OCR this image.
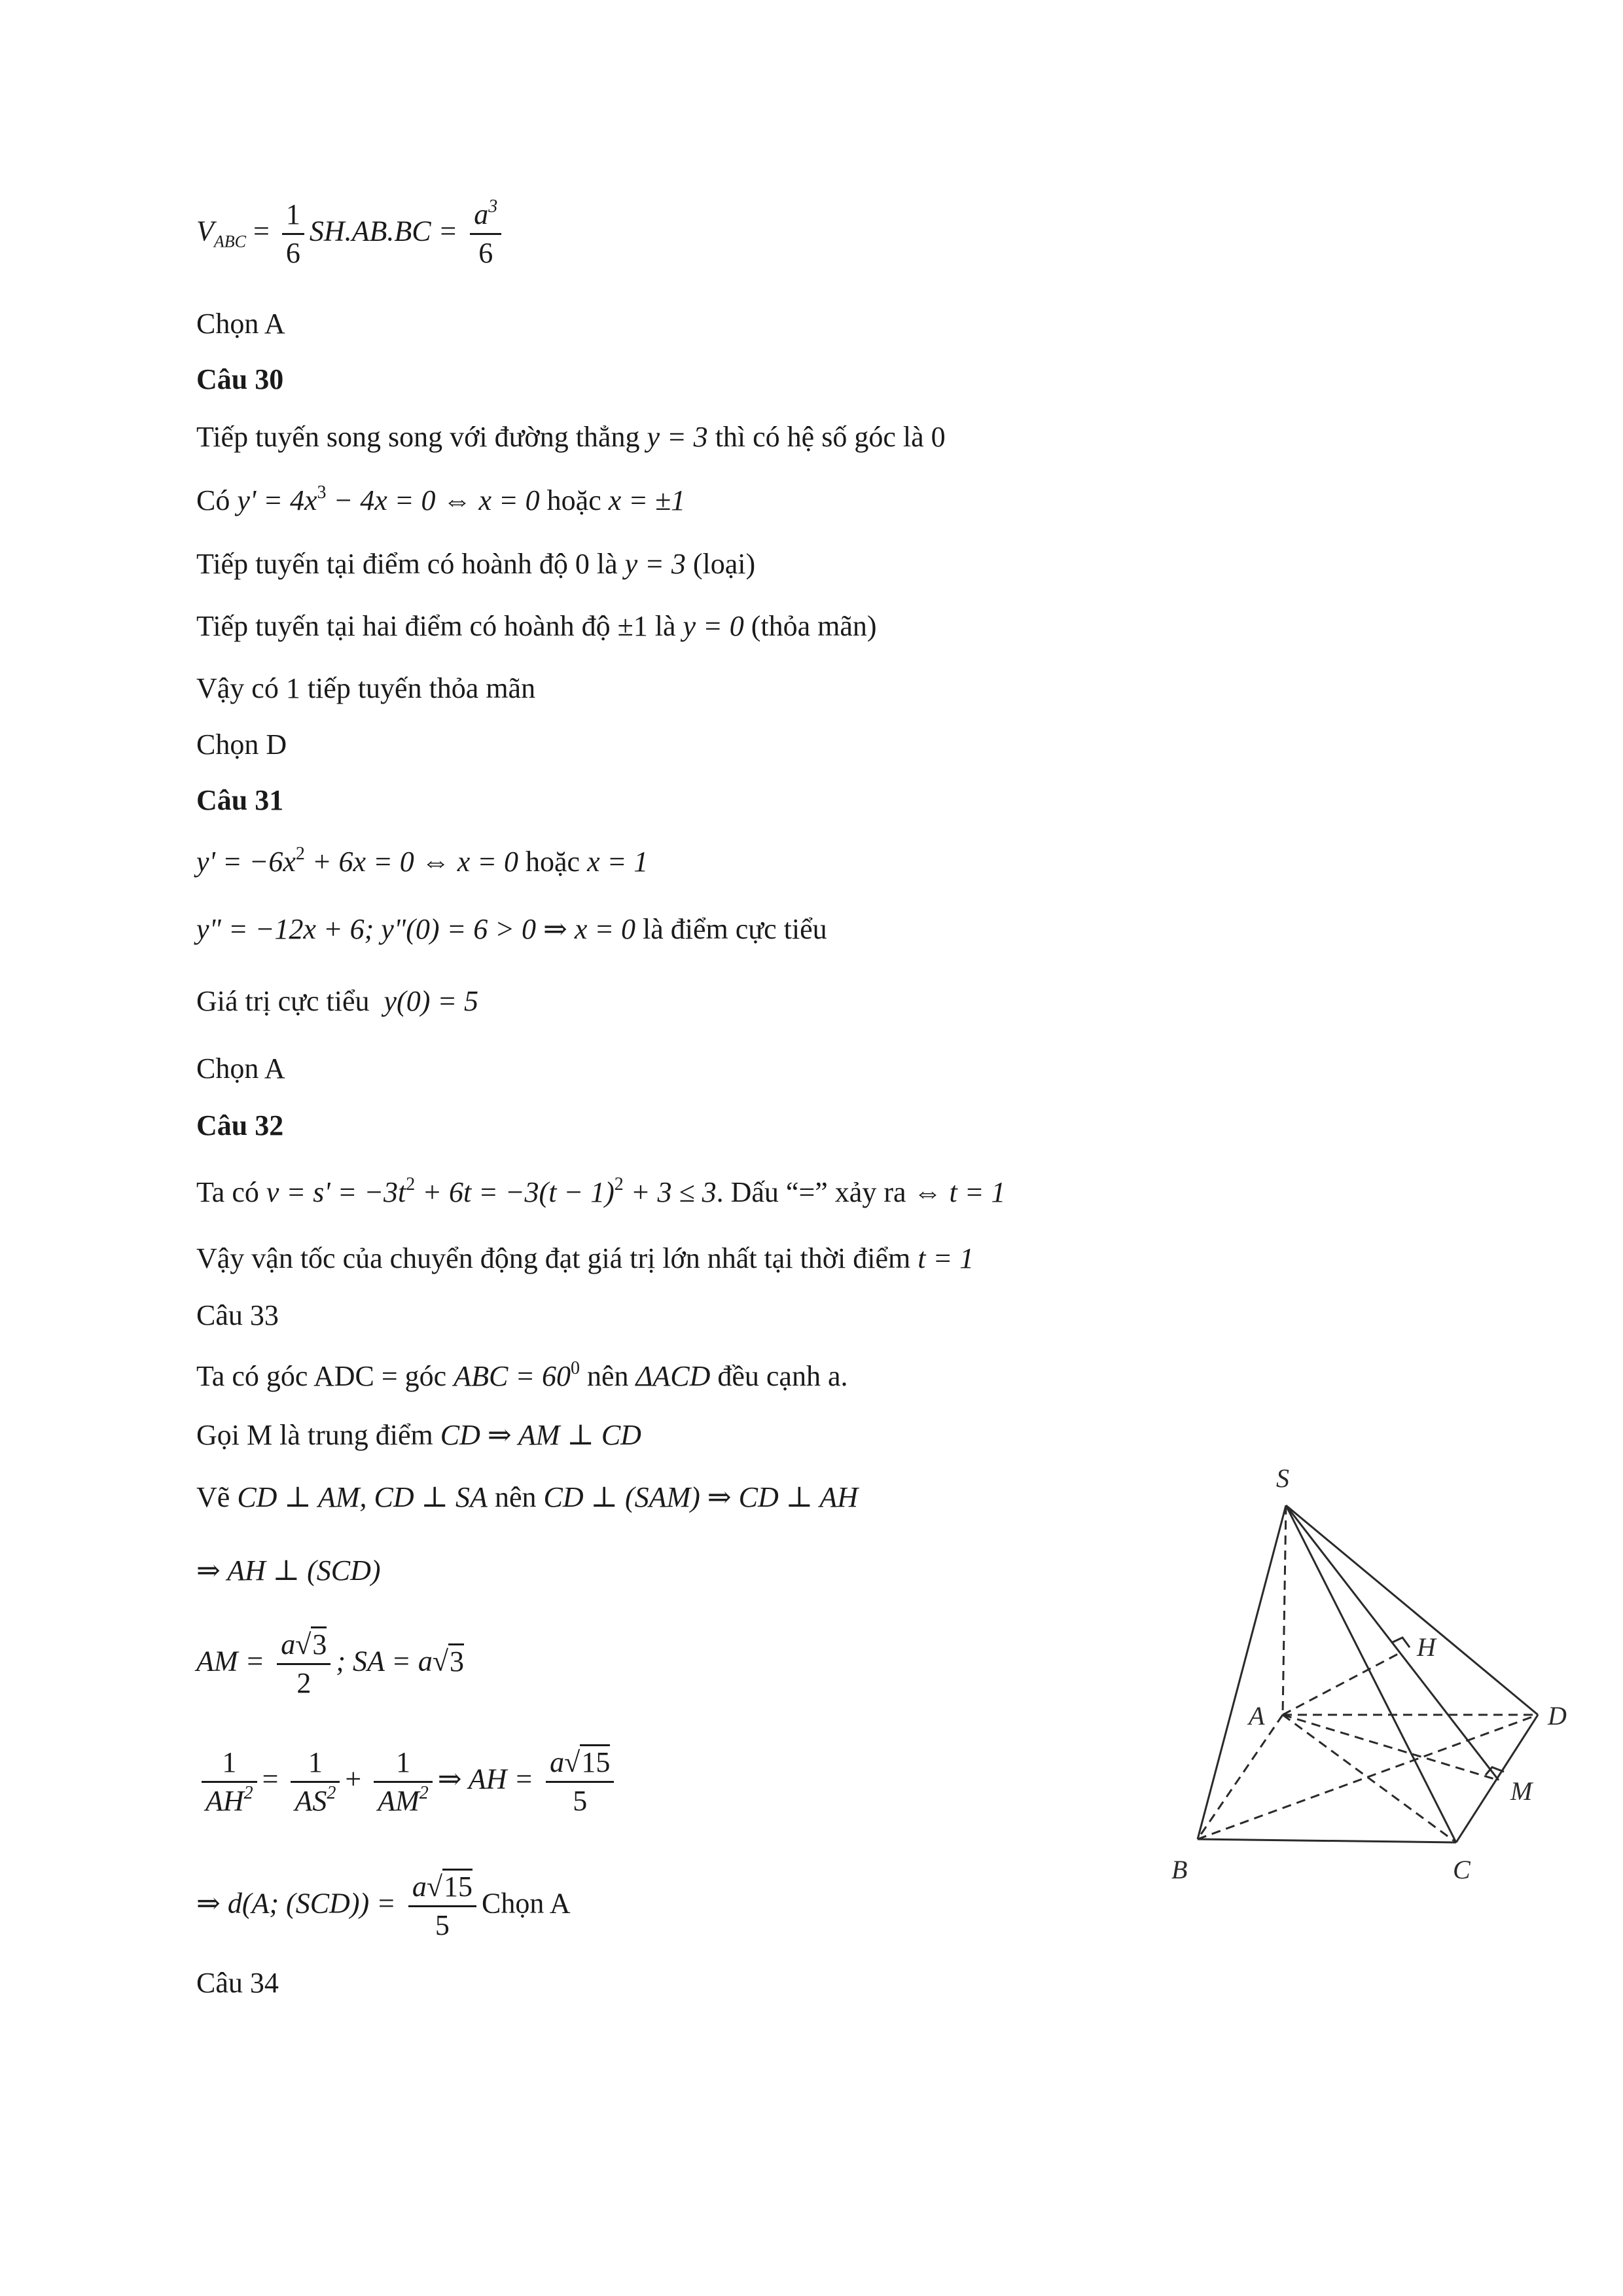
$V_{ABC} = \frac{1}{6} SH.AB.BC = \frac{a^3}{6}$
Chọn A
Câu 30
Tiếp tuyến song song với đường thẳng y = 3 thì có hệ số góc là 0
Có $y' = 4x^3 - 4x = 0$ ⇔ x = 0 hoặc x = ±1
Tiếp tuyến tại điểm có hoành độ 0 là y = 3 (loại)
Tiếp tuyến tại hai điểm có hoành độ ±1 là y = 0 (thỏa mãn)
Vậy có 1 tiếp tuyến thỏa mãn
Chọn D
Câu 31
$y' = -6x^2 + 6x = 0$ ⇔ x = 0 hoặc x = 1
y" = −12x + 6; y"(0) = 6 > 0 ⇒ x = 0 là điểm cực tiểu
Giá trị cực tiểu y(0) = 5
Chọn A
Câu 32
Ta có $v = s' = -3t^2 + 6t = -3(t - 1)^2 + 3 \le 3$. Dấu “=” xảy ra ⇔ t = 1
Vậy vận tốc của chuyển động đạt giá trị lớn nhất tại thời điểm t = 1
Câu 33
Ta có góc ADC = góc ABC = $60^0$ nên ΔACD đều cạnh a.
Gọi M là trung điểm CD ⇒ AM ⊥ CD
Vẽ CD ⊥ AM, CD ⊥ SA nên CD ⊥ (SAM) ⇒ CD ⊥ AH
⇒ AH ⊥ (SCD)
AM = $\frac{a√3}{2}$ ; SA = a√3
$\frac{1}{AH^2} = \frac{1}{AS^2} + \frac{1}{AM^2}$ ⇒ AH = $\frac{a√15}{5}$
⇒ d(A; $(SCD)) = \frac{a√15}{5}$ Chọn A
Câu 34
S
A
B	C
D
H
M
